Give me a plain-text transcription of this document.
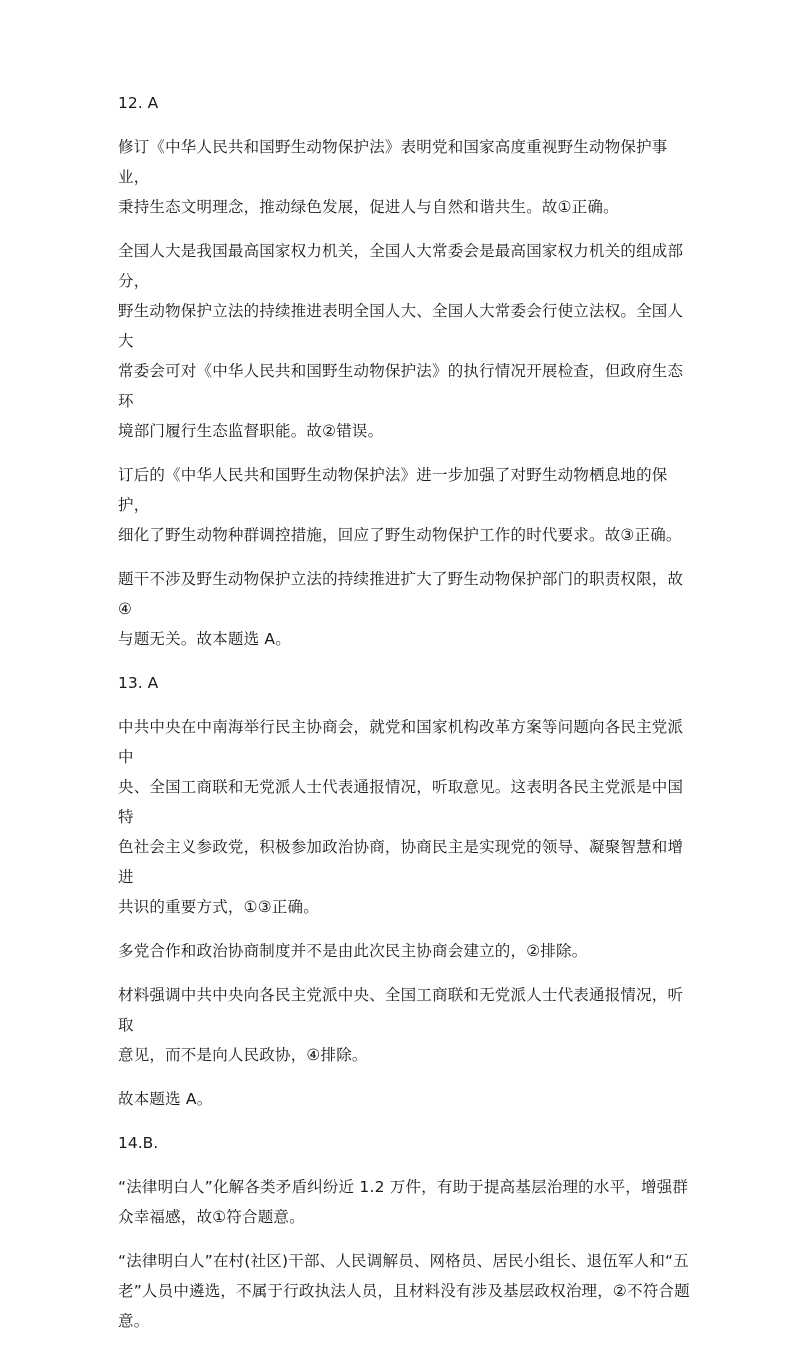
12. A
修订《中华人民共和国野生动物保护法》表明党和国家高度重视野生动物保护事业，
秉持生态文明理念，推动绿色发展，促进人与自然和谐共生。故①正确。
全国人大是我国最高国家权力机关，全国人大常委会是最高国家权力机关的组成部分，
野生动物保护立法的持续推进表明全国人大、全国人大常委会行使立法权。全国人大
常委会可对《中华人民共和国野生动物保护法》的执行情况开展检查，但政府生态环
境部门履行生态监督职能。故②错误。
订后的《中华人民共和国野生动物保护法》进一步加强了对野生动物栖息地的保护，
细化了野生动物种群调控措施，回应了野生动物保护工作的时代要求。故③正确。
题干不涉及野生动物保护立法的持续推进扩大了野生动物保护部门的职责权限，故④
与题无关。故本题选 A。
13. A
中共中央在中南海举行民主协商会，就党和国家机构改革方案等问题向各民主党派中
央、全国工商联和无党派人士代表通报情况，听取意见。这表明各民主党派是中国特
色社会主义参政党，积极参加政治协商，协商民主是实现党的领导、凝聚智慧和增进
共识的重要方式，①③正确。
多党合作和政治协商制度并不是由此次民主协商会建立的，②排除。
材料强调中共中央向各民主党派中央、全国工商联和无党派人士代表通报情况，听取
意见，而不是向人民政协，④排除。
故本题选 A。
14.B.
“法律明白人”化解各类矛盾纠纷近 1.2 万件，有助于提高基层治理的水平，增强群
众幸福感，故①符合题意。
“法律明白人”在村(社区)干部、人民调解员、网格员、居民小组长、退伍军人和“五
老”人员中遴选，不属于行政执法人员，且材料没有涉及基层政权治理，②不符合题
意。
